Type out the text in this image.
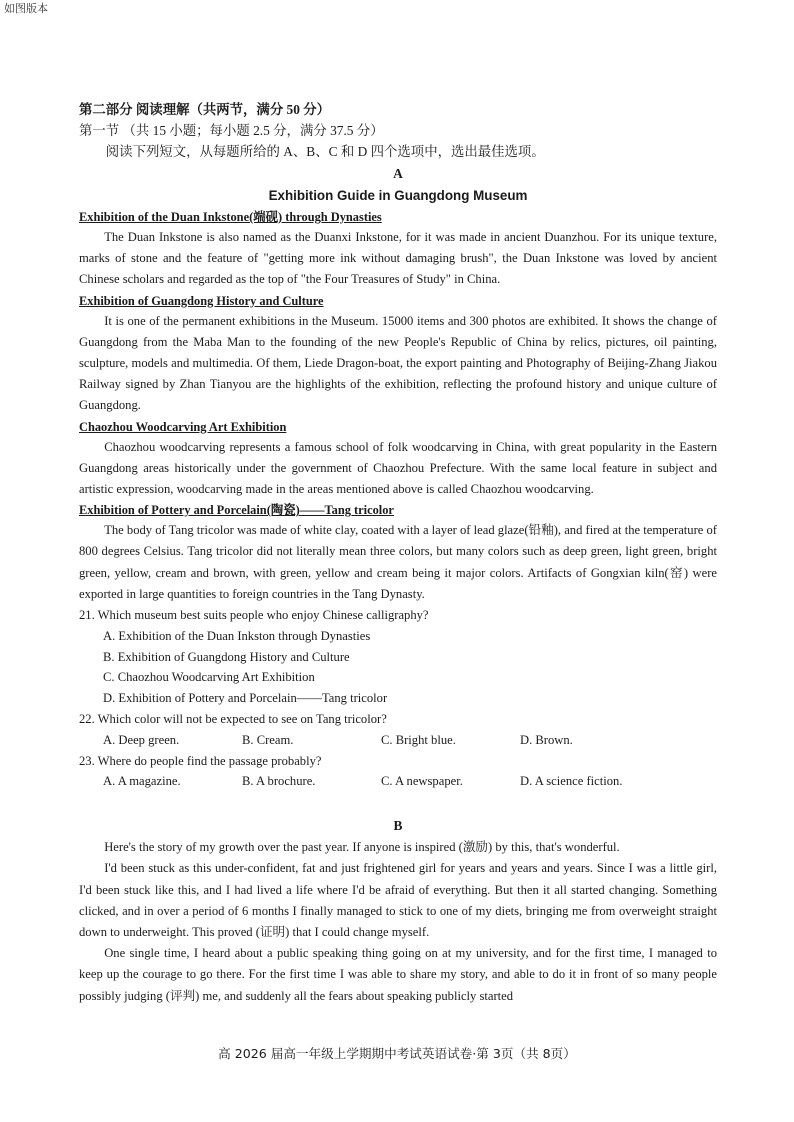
如图版本
第二部分 阅读理解（共两节，满分 50 分）
第一节 （共 15 小题；每小题 2.5 分，满分 37.5 分）
阅读下列短文，从每题所给的 A、B、C 和 D 四个选项中，选出最佳选项。
A
Exhibition Guide in Guangdong Museum
Exhibition of the Duan Inkstone(端砚) through Dynasties

The Duan Inkstone is also named as the Duanxi Inkstone, for it was made in ancient Duanzhou. For its unique texture, marks of stone and the feature of "getting more ink without damaging brush", the Duan Inkstone was loved by ancient Chinese scholars and regarded as the top of "the Four Treasures of Study" in China.

Exhibition of Guangdong History and Culture

It is one of the permanent exhibitions in the Museum. 15000 items and 300 photos are exhibited. It shows the change of Guangdong from the Maba Man to the founding of the new People's Republic of China by relics, pictures, oil painting, sculpture, models and multimedia. Of them, Liede Dragon-boat, the export painting and Photography of Beijing-Zhang Jiakou Railway signed by Zhan Tianyou are the highlights of the exhibition, reflecting the profound history and unique culture of Guangdong.

Chaozhou Woodcarving Art Exhibition

Chaozhou woodcarving represents a famous school of folk woodcarving in China, with great popularity in the Eastern Guangdong areas historically under the government of Chaozhou Prefecture. With the same local feature in subject and artistic expression, woodcarving made in the areas mentioned above is called Chaozhou woodcarving.

Exhibition of Pottery and Porcelain(陶瓷)——Tang tricolor

The body of Tang tricolor was made of white clay, coated with a layer of lead glaze(铅釉), and fired at the temperature of 800 degrees Celsius. Tang tricolor did not literally mean three colors, but many colors such as deep green, light green, bright green, yellow, cream and brown, with green, yellow and cream being it major colors. Artifacts of Gongxian kiln(窑) were exported in large quantities to foreign countries in the Tang Dynasty.

21. Which museum best suits people who enjoy Chinese calligraphy?
A. Exhibition of the Duan Inkston through Dynasties
B. Exhibition of Guangdong History and Culture
C. Chaozhou Woodcarving Art Exhibition
D. Exhibition of Pottery and Porcelain——Tang tricolor
22. Which color will not be expected to see on Tang tricolor?
A. Deep green.	B. Cream.	C. Bright blue.	D. Brown.
23. Where do people find the passage probably?
A. A magazine.	B. A brochure.	C. A newspaper.	D. A science fiction.
B

Here's the story of my growth over the past year. If anyone is inspired (激励) by this, that's wonderful.

I'd been stuck as this under-confident, fat and just frightened girl for years and years and years. Since I was a little girl, I'd been stuck like this, and I had lived a life where I'd be afraid of everything. But then it all started changing. Something clicked, and in over a period of 6 months I finally managed to stick to one of my diets, bringing me from overweight straight down to underweight. This proved (证明) that I could change myself.

One single time, I heard about a public speaking thing going on at my university, and for the first time, I managed to keep up the courage to go there. For the first time I was able to share my story, and able to do it in front of so many people possibly judging (评判) me, and suddenly all the fears about speaking publicly started

高 2026 届高一年级上学期期中考试英语试卷·第 3页（共 8页）
